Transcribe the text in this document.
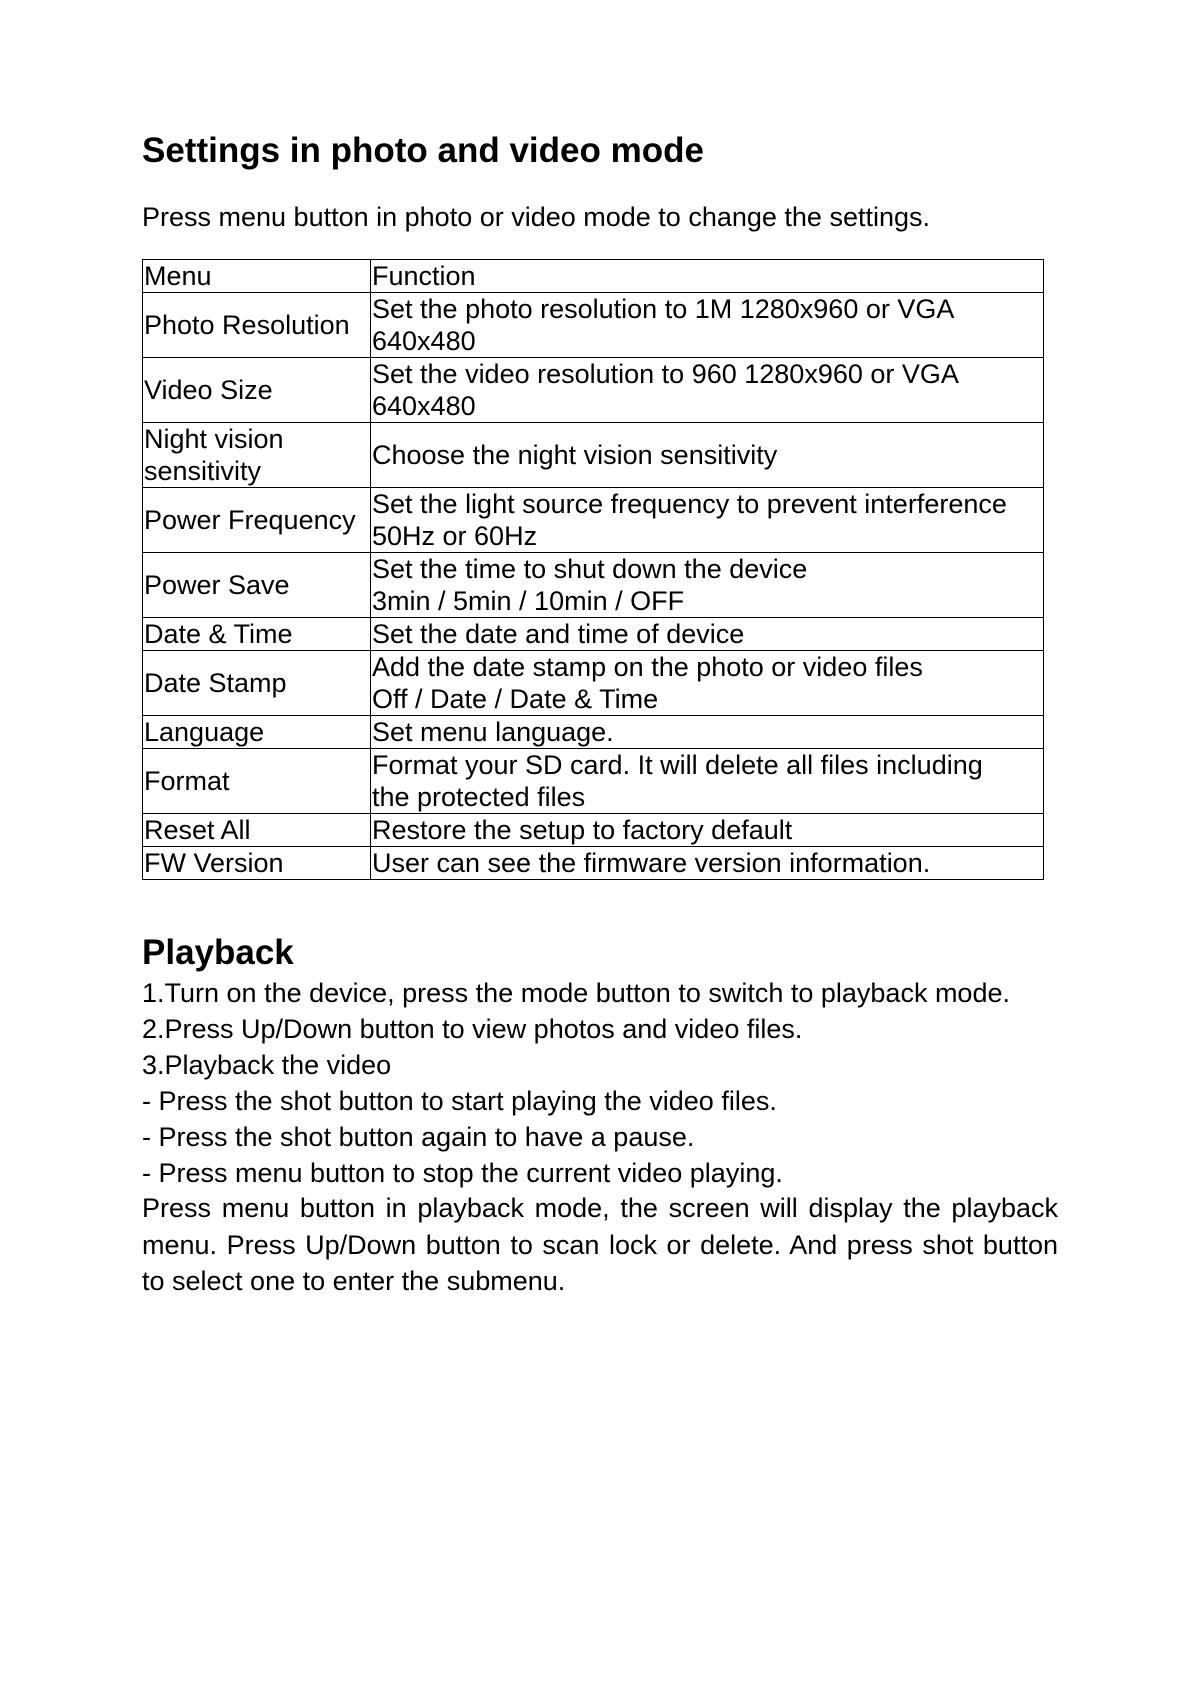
Settings in photo and video mode
Press menu button in photo or video mode to change the settings.
Menu	Function
Photo Resolution	Set the photo resolution to 1M 1280x960 or VGA
640x480
Video Size	Set the video resolution to 960 1280x960 or VGA
640x480
Night vision
sensitivity	Choose the night vision sensitivity
Power Frequency	Set the light source frequency to prevent interference
50Hz or 60Hz
Power Save	Set the time to shut down the device
3min / 5min / 10min / OFF
Date & Time	Set the date and time of device
Date Stamp	Add the date stamp on the photo or video files
Off / Date / Date & Time
Language	Set menu language.
Format	Format your SD card. It will delete all files including
the protected files
Reset All	Restore the setup to factory default
FW Version	User can see the firmware version information.
Playback
1.Turn on the device, press the mode button to switch to playback mode.
2.Press Up/Down button to view photos and video files.
3.Playback the video
- Press the shot button to start playing the video files.
- Press the shot button again to have a pause.
- Press menu button to stop the current video playing.
Press menu button in playback mode, the screen will display the playback menu. Press Up/Down button to scan lock or delete. And press shot button to select one to enter the submenu.
